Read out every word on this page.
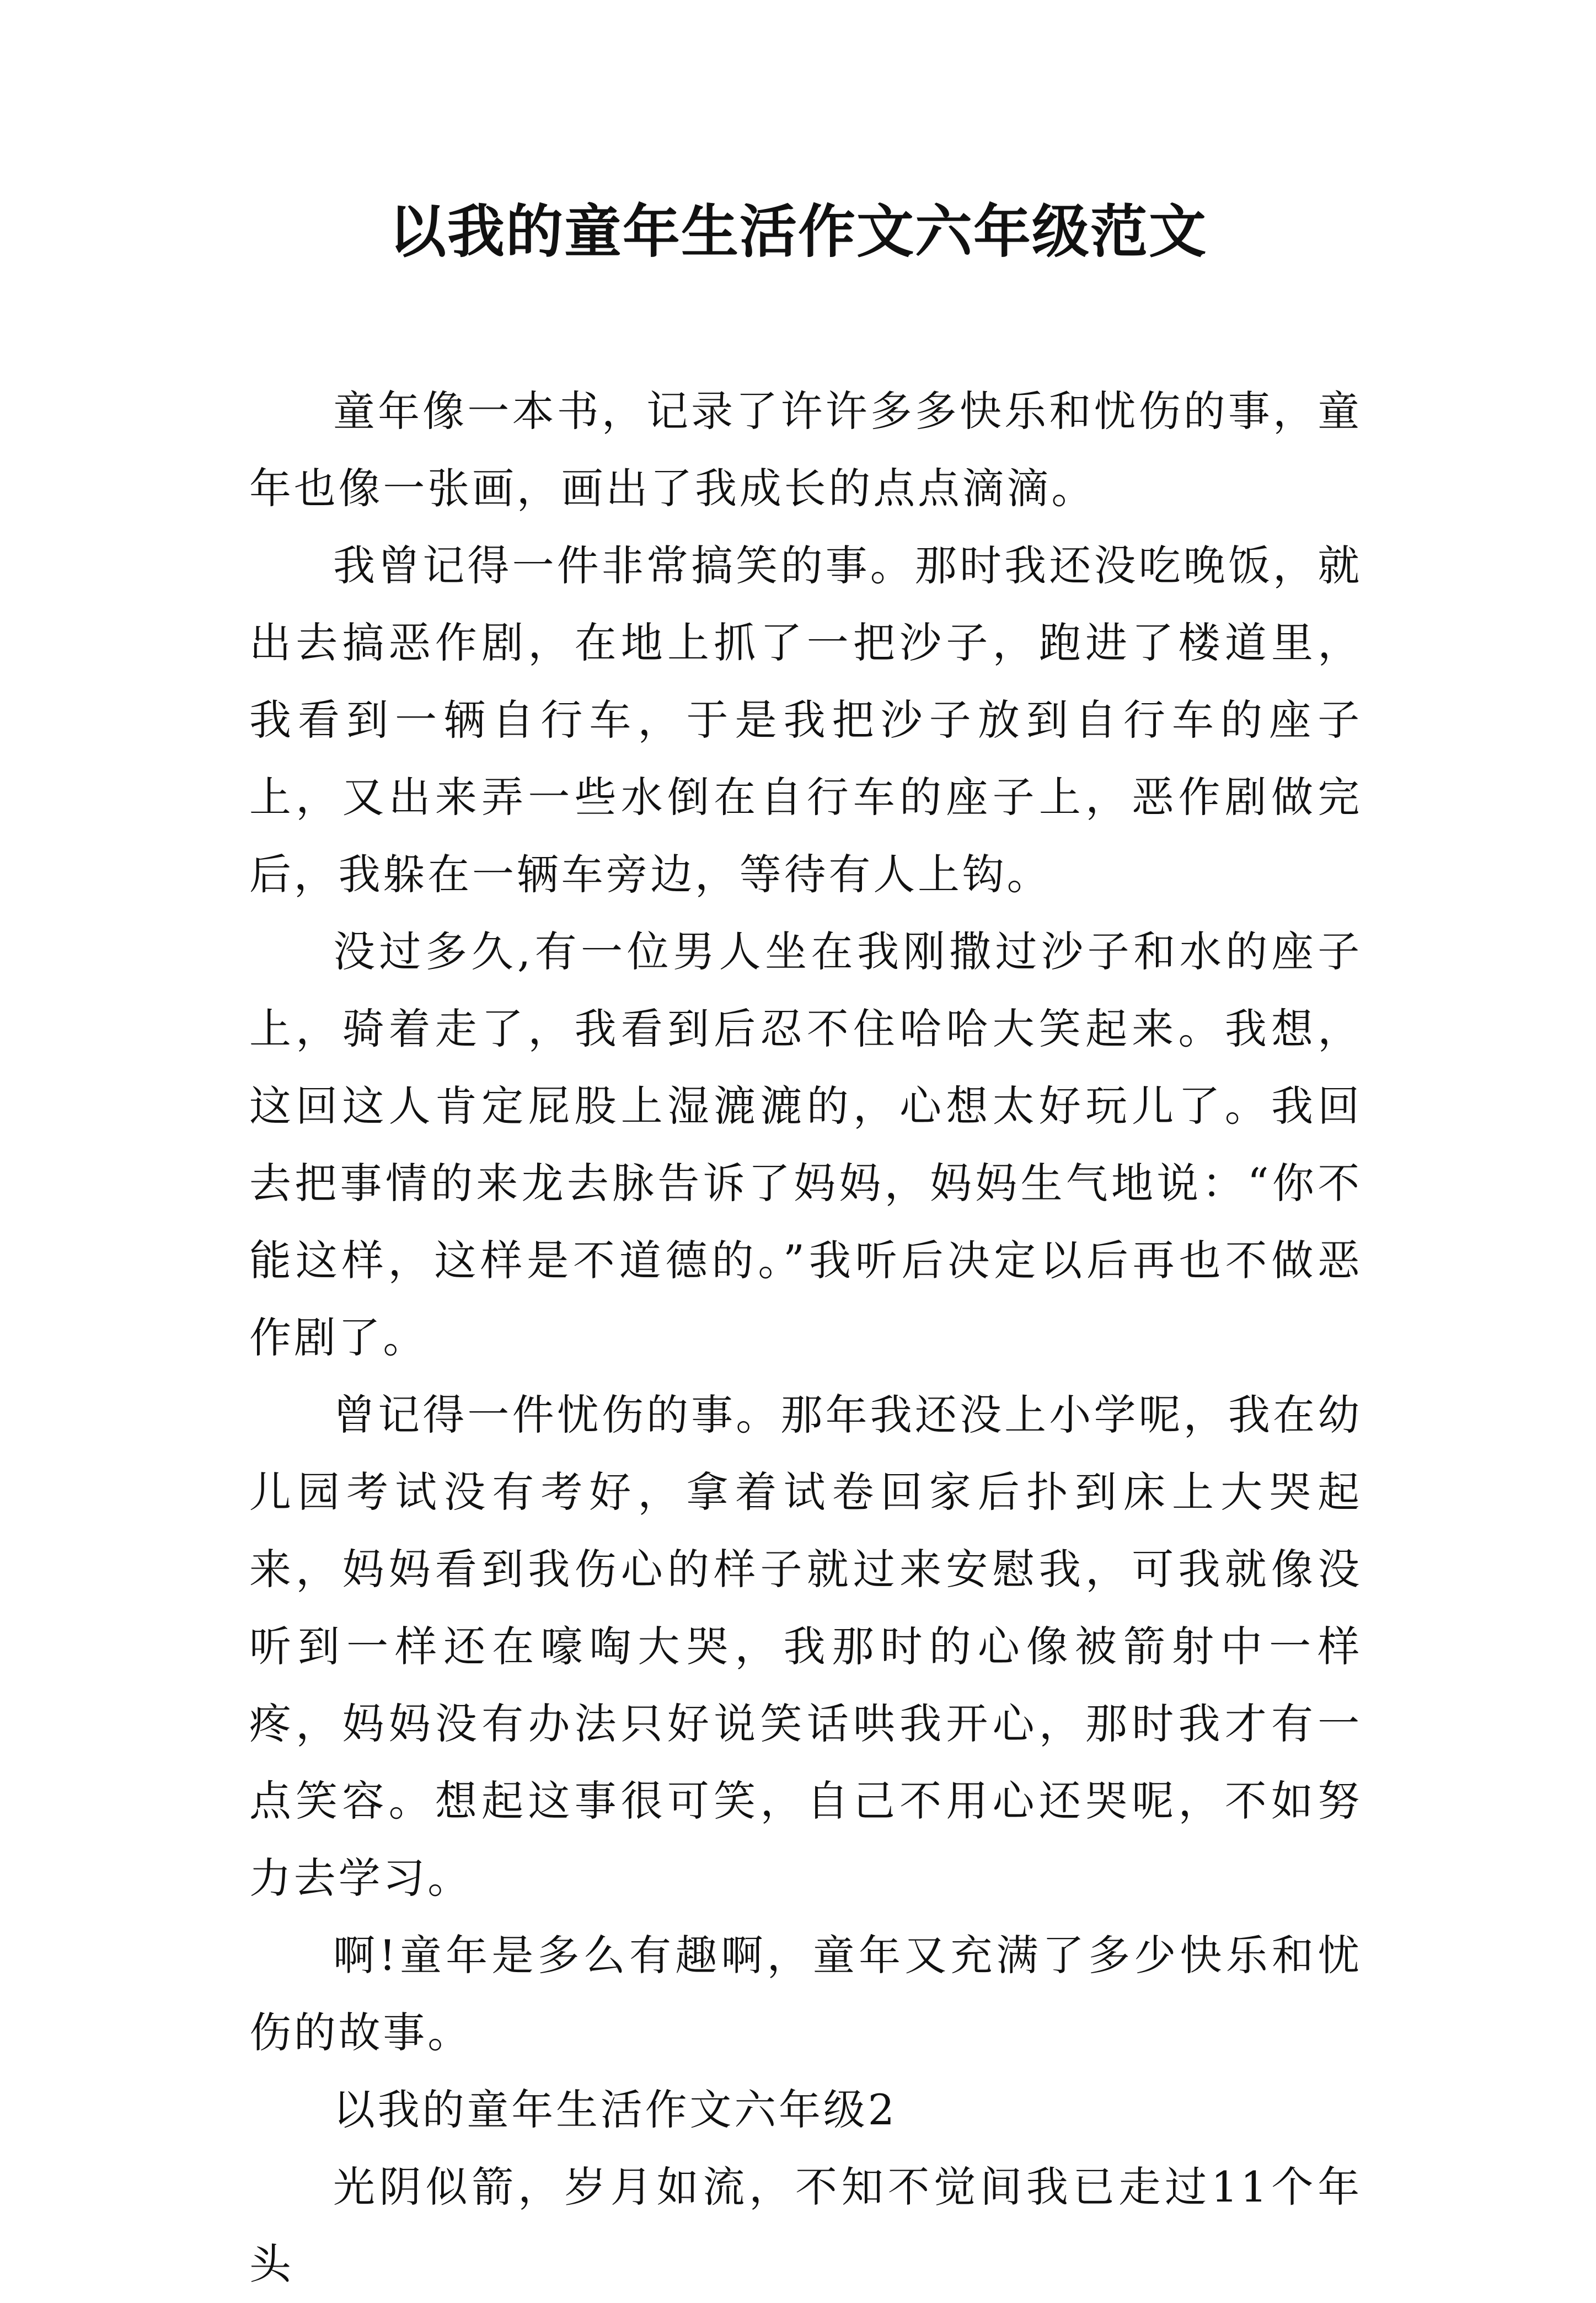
以我的童年生活作文六年级范文

童年像一本书，记录了许许多多快乐和忧伤的事，童年也像一张画，画出了我成长的点点滴滴。

我曾记得一件非常搞笑的事。那时我还没吃晚饭，就出去搞恶作剧，在地上抓了一把沙子，跑进了楼道里，我看到一辆自行车，于是我把沙子放到自行车的座子上，又出来弄一些水倒在自行车的座子上，恶作剧做完后，我躲在一辆车旁边，等待有人上钩。

没过多久,有一位男人坐在我刚撒过沙子和水的座子上，骑着走了，我看到后忍不住哈哈大笑起来。我想，这回这人肯定屁股上湿漉漉的，心想太好玩儿了。我回去把事情的来龙去脉告诉了妈妈，妈妈生气地说：“你不能这样，这样是不道德的。”我听后决定以后再也不做恶作剧了。

曾记得一件忧伤的事。那年我还没上小学呢，我在幼儿园考试没有考好，拿着试卷回家后扑到床上大哭起来，妈妈看到我伤心的样子就过来安慰我，可我就像没听到一样还在嚎啕大哭，我那时的心像被箭射中一样疼，妈妈没有办法只好说笑话哄我开心，那时我才有一点笑容。想起这事很可笑，自己不用心还哭呢，不如努力去学习。

啊!童年是多么有趣啊，童年又充满了多少快乐和忧伤的故事。

以我的童年生活作文六年级2

光阴似箭，岁月如流，不知不觉间我已走过11个年头
